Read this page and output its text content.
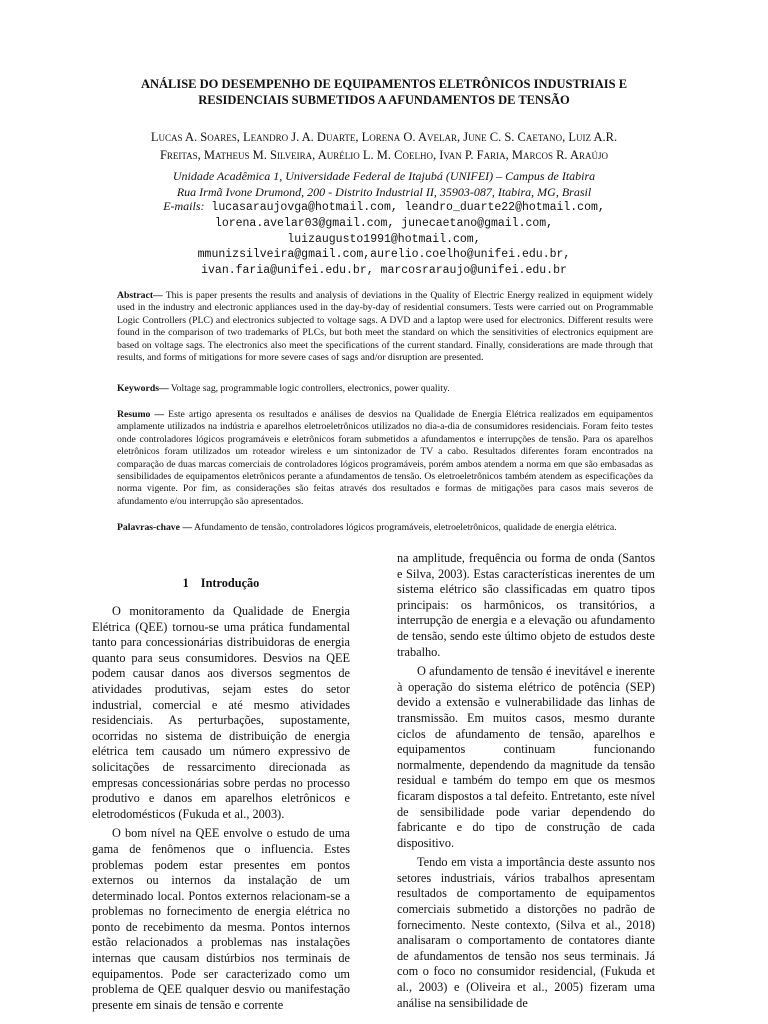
ANÁLISE DO DESEMPENHO DE EQUIPAMENTOS ELETRÔNICOS INDUSTRIAIS E
RESIDENCIAIS SUBMETIDOS A AFUNDAMENTOS DE TENSÃO
Lucas A. Soares, Leandro J. A. Duarte, Lorena O. Avelar, June C. S. Caetano, Luiz A.R.
Freitas, Matheus M. Silveira, Aurélio L. M. Coelho, Ivan P. Faria, Marcos R. Araújo
Unidade Acadêmica 1, Universidade Federal de Itajubá (UNIFEI) – Campus de Itabira
Rua Irmã Ivone Drumond, 200 - Distrito Industrial II, 35903-087, Itabira, MG, Brasil
E-mails: lucasaraujovga@hotmail.com, leandro_duarte22@hotmail.com,
lorena.avelar03@gmail.com, junecaetano@gmail.com,
luizaugusto1991@hotmail.com,
mmunizsilveira@gmail.com,aurelio.coelho@unifei.edu.br,
ivan.faria@unifei.edu.br, marcosraraujo@unifei.edu.br
Abstract— This is paper presents the results and analysis of deviations in the Quality of Electric Energy realized in equipment widely used in the industry and electronic appliances used in the day-by-day of residential consumers. Tests were carried out on Programmable Logic Controllers (PLC) and electronics subjected to voltage sags. A DVD and a laptop were used for electronics. Different results were found in the comparison of two trademarks of PLCs, but both meet the standard on which the sensitivities of electronics equipment are based on voltage sags. The electronics also meet the specifications of the current standard. Finally, considerations are made through that results, and forms of mitigations for more severe cases of sags and/or disruption are presented.
Keywords— Voltage sag, programmable logic controllers, electronics, power quality.
Resumo — Este artigo apresenta os resultados e análises de desvios na Qualidade de Energia Elétrica realizados em equipamentos amplamente utilizados na indústria e aparelhos eletroeletrônicos utilizados no dia-a-dia de consumidores residenciais. Foram feito testes onde controladores lógicos programáveis e eletrônicos foram submetidos a afundamentos e interrupções de tensão. Para os aparelhos eletrônicos foram utilizados um roteador wireless e um sintonizador de TV a cabo. Resultados diferentes foram encontrados na comparação de duas marcas comerciais de controladores lógicos programáveis, porém ambos atendem a norma em que são embasadas as sensibilidades de equipamentos eletrônicos perante a afundamentos de tensão. Os eletroeletrônicos também atendem as especificações da norma vigente. Por fim, as considerações são feitas através dos resultados e formas de mitigações para casos mais severos de afundamento e/ou interrupção são apresentados.
Palavras-chave — Afundamento de tensão, controladores lógicos programáveis, eletroeletrônicos, qualidade de energia elétrica.
1 Introdução

O monitoramento da Qualidade de Energia Elétrica (QEE) tornou-se uma prática fundamental tanto para concessionárias distribuidoras de energia quanto para seus consumidores. Desvios na QEE podem causar danos aos diversos segmentos de atividades produtivas, sejam estes do setor industrial, comercial e até mesmo atividades residenciais. As perturbações, supostamente, ocorridas no sistema de distribuição de energia elétrica tem causado um número expressivo de solicitações de ressarcimento direcionada as empresas concessionárias sobre perdas no processo produtivo e danos em aparelhos eletrônicos e eletrodomésticos (Fukuda et al., 2003).

O bom nível na QEE envolve o estudo de uma gama de fenômenos que o influencia. Estes problemas podem estar presentes em pontos externos ou internos da instalação de um determinado local. Pontos externos relacionam-se a problemas no fornecimento de energia elétrica no ponto de recebimento da mesma. Pontos internos estão relacionados a problemas nas instalações internas que causam distúrbios nos terminais de equipamentos. Pode ser caracterizado como um problema de QEE qualquer desvio ou manifestação presente em sinais de tensão e corrente

na amplitude, frequência ou forma de onda (Santos e Silva, 2003). Estas características inerentes de um sistema elétrico são classificadas em quatro tipos principais: os harmônicos, os transitórios, a interrupção de energia e a elevação ou afundamento de tensão, sendo este último objeto de estudos deste trabalho.

O afundamento de tensão é inevitável e inerente à operação do sistema elétrico de potência (SEP) devido a extensão e vulnerabilidade das linhas de transmissão. Em muitos casos, mesmo durante ciclos de afundamento de tensão, aparelhos e equipamentos continuam funcionando normalmente, dependendo da magnitude da tensão residual e também do tempo em que os mesmos ficaram dispostos a tal defeito. Entretanto, este nível de sensibilidade pode variar dependendo do fabricante e do tipo de construção de cada dispositivo.

Tendo em vista a importância deste assunto nos setores industriais, vários trabalhos apresentam resultados de comportamento de equipamentos comerciais submetido a distorções no padrão de fornecimento. Neste contexto, (Silva et al., 2018) analisaram o comportamento de contatores diante de afundamentos de tensão nos seus terminais. Já com o foco no consumidor residencial, (Fukuda et al., 2003) e (Oliveira et al., 2005) fizeram uma análise na sensibilidade de
